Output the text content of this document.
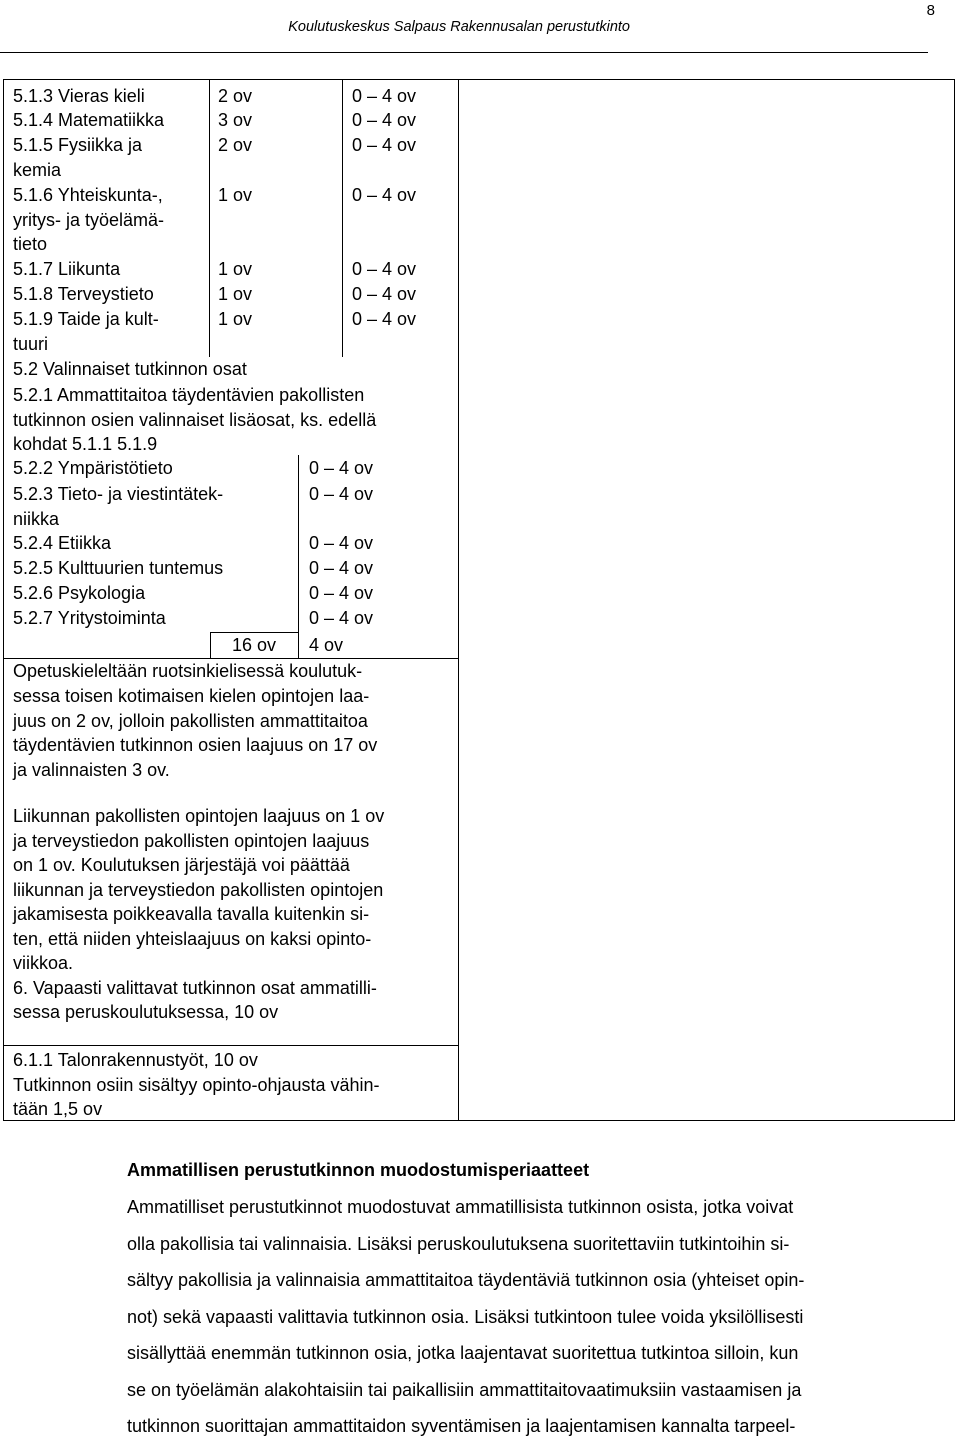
Koulutuskeskus Salpaus Rakennusalan perustutkinto
8
5.1.3 Vieras kieli	2 ov	0 – 4 ov
5.1.4 Matematiikka	3 ov	0 – 4 ov
5.1.5 Fysiikka ja
kemia
2 ov	0 – 4 ov
5.1.6 Yhteiskunta-,
yritys- ja työelämä-
tieto
1 ov	0 – 4 ov
5.1.7 Liikunta	1 ov	0 – 4 ov
5.1.8 Terveystieto	1 ov	0 – 4 ov
5.1.9 Taide ja kult-
tuuri
1 ov	0 – 4 ov
5.2 Valinnaiset tutkinnon osat
5.2.1 Ammattitaitoa täydentävien pakollisten
tutkinnon osien valinnaiset lisäosat, ks. edellä
kohdat 5.1.1 5.1.9
5.2.2 Ympäristötieto	0 – 4 ov
5.2.3 Tieto- ja viestintätek-
niikka
0 – 4 ov
5.2.4 Etiikka	0 – 4 ov
5.2.5 Kulttuurien tuntemus	0 – 4 ov
5.2.6 Psykologia	0 – 4 ov
5.2.7 Yritystoiminta	0 – 4 ov
16 ov 4 ov
Opetuskieleltään ruotsinkielisessä koulutuk-
sessa toisen kotimaisen kielen opintojen laa-
juus on 2 ov, jolloin pakollisten ammattitaitoa
täydentävien tutkinnon osien laajuus on 17 ov
ja valinnaisten 3 ov.
Liikunnan pakollisten opintojen laajuus on 1 ov
ja terveystiedon pakollisten opintojen laajuus
on 1 ov. Koulutuksen järjestäjä voi päättää
liikunnan ja terveystiedon pakollisten opintojen
jakamisesta poikkeavalla tavalla kuitenkin si-
ten, että niiden yhteislaajuus on kaksi opinto-
viikkoa.
6. Vapaasti valittavat tutkinnon osat ammatilli-
sessa peruskoulutuksessa, 10 ov
6.1.1 Talonrakennustyöt, 10 ov
Tutkinnon osiin sisältyy opinto-ohjausta vähin-
tään 1,5 ov
Ammatillisen perustutkinnon muodostumisperiaatteet
Ammatilliset perustutkinnot muodostuvat ammatillisista tutkinnon osista, jotka voivat
olla pakollisia tai valinnaisia. Lisäksi peruskoulutuksena suoritettaviin tutkintoihin si-
sältyy pakollisia ja valinnaisia ammattitaitoa täydentäviä tutkinnon osia (yhteiset opin-
not) sekä vapaasti valittavia tutkinnon osia. Lisäksi tutkintoon tulee voida yksilöllisesti
sisällyttää enemmän tutkinnon osia, jotka laajentavat suoritettua tutkintoa silloin, kun
se on työelämän alakohtaisiin tai paikallisiin ammattitaitovaatimuksiin vastaamisen ja
tutkinnon suorittajan ammattitaidon syventämisen ja laajentamisen kannalta tarpeel-
